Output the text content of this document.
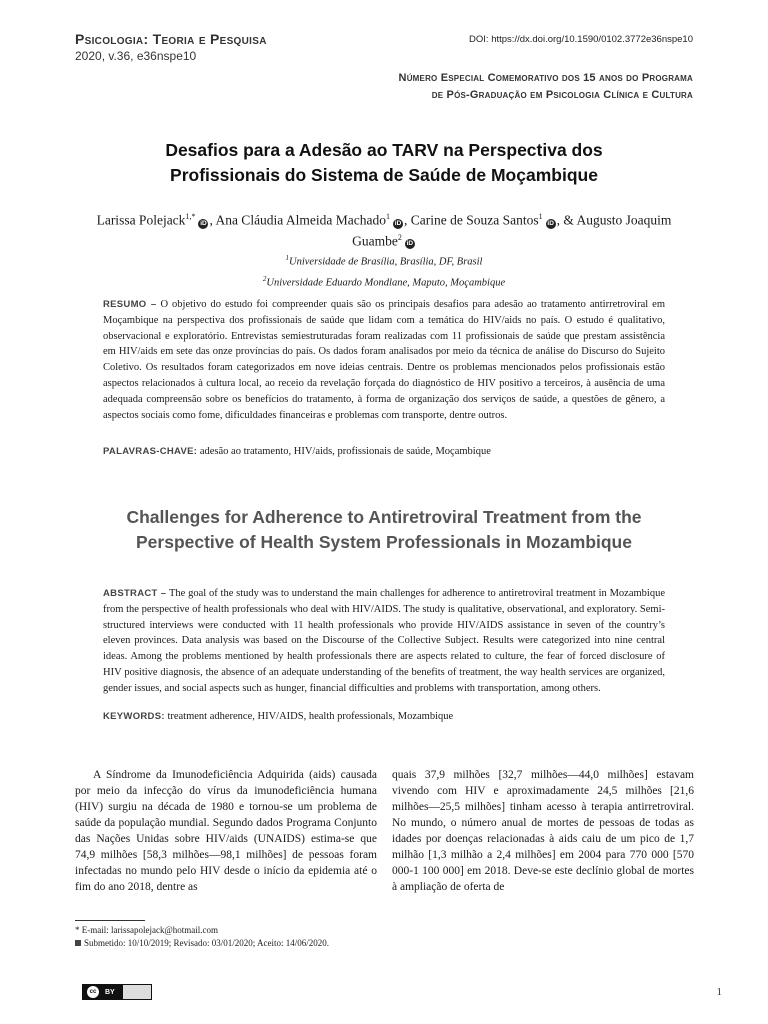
Psicologia: Teoria e Pesquisa
2020, v.36, e36nspe10
DOI: https://dx.doi.org/10.1590/0102.3772e36nspe10
Número Especial Comemorativo dos 15 anos do Programa
de Pós-Graduação em Psicologia Clínica e Cultura
Desafios para a Adesão ao TARV na Perspectiva dos
Profissionais do Sistema de Saúde de Moçambique
Larissa Polejack$^{1,*}$iD , Ana Cláudia Almeida Machado$^1$iD , Carine de Souza Santos$^1$iD , & Augusto Joaquim Guambe$^2$iD
$^1$Universidade de Brasília, Brasília, DF, Brasil
$^2$Universidade Eduardo Mondlane, Maputo, Moçambique
RESUMO – O objetivo do estudo foi compreender quais são os principais desafios para adesão ao tratamento antirretroviral em Moçambique na perspectiva dos profissionais de saúde que lidam com a temática do HIV/aids no país. O estudo é qualitativo, observacional e exploratório. Entrevistas semiestruturadas foram realizadas com 11 profissionais de saúde que prestam assistência em HIV/aids em sete das onze províncias do país. Os dados foram analisados por meio da técnica de análise do Discurso do Sujeito Coletivo. Os resultados foram categorizados em nove ideias centrais. Dentre os problemas mencionados pelos profissionais estão aspectos relacionados à cultura local, ao receio da revelação forçada do diagnóstico de HIV positivo a terceiros, à ausência de uma adequada compreensão sobre os benefícios do tratamento, à forma de organização dos serviços de saúde, a questões de gênero, a aspectos sociais como fome, dificuldades financeiras e problemas com transporte, dentre outros.
PALAVRAS-CHAVE: adesão ao tratamento, HIV/aids, profissionais de saúde, Moçambique
Challenges for Adherence to Antiretroviral Treatment from the
Perspective of Health System Professionals in Mozambique
ABSTRACT – The goal of the study was to understand the main challenges for adherence to antiretroviral treatment in Mozambique from the perspective of health professionals who deal with HIV/AIDS. The study is qualitative, observational, and exploratory. Semi-structured interviews were conducted with 11 health professionals who provide HIV/AIDS assistance in seven of the country’s eleven provinces. Data analysis was based on the Discourse of the Collective Subject. Results were categorized into nine central ideas. Among the problems mentioned by health professionals there are aspects related to culture, the fear of forced disclosure of HIV positive diagnosis, the absence of an adequate understanding of the benefits of treatment, the way health services are organized, gender issues, and social aspects such as hunger, financial difficulties and problems with transportation, among others.
KEYWORDS: treatment adherence, HIV/AIDS, health professionals, Mozambique

A Síndrome da Imunodeficiência Adquirida (aids) causada por meio da infecção do vírus da imunodeficiência humana (HIV) surgiu na década de 1980 e tornou-se um problema de saúde da população mundial. Segundo dados Programa Conjunto das Nações Unidas sobre HIV/aids (UNAIDS) estima-se que 74,9 milhões [58,3 milhões—98,1 milhões] de pessoas foram infectadas no mundo pelo HIV desde o início da epidemia até o fim do ano 2018, dentre as

quais 37,9 milhões [32,7 milhões—44,0 milhões] estavam vivendo com HIV e aproximadamente 24,5 milhões [21,6 milhões—25,5 milhões] tinham acesso à terapia antirretroviral. No mundo, o número anual de mortes de pessoas de todas as idades por doenças relacionadas à aids caiu de um pico de 1,7 milhão [1,3 milhão a 2,4 milhões] em 2004 para 770 000 [570 000-1 100 000] em 2018. Deve-se este declínio global de mortes à ampliação de oferta de

* E-mail: larissapolejack@hotmail.com
Submetido: 10/10/2019; Revisado: 03/01/2020; Aceito: 14/06/2020.
cc	BY	1
